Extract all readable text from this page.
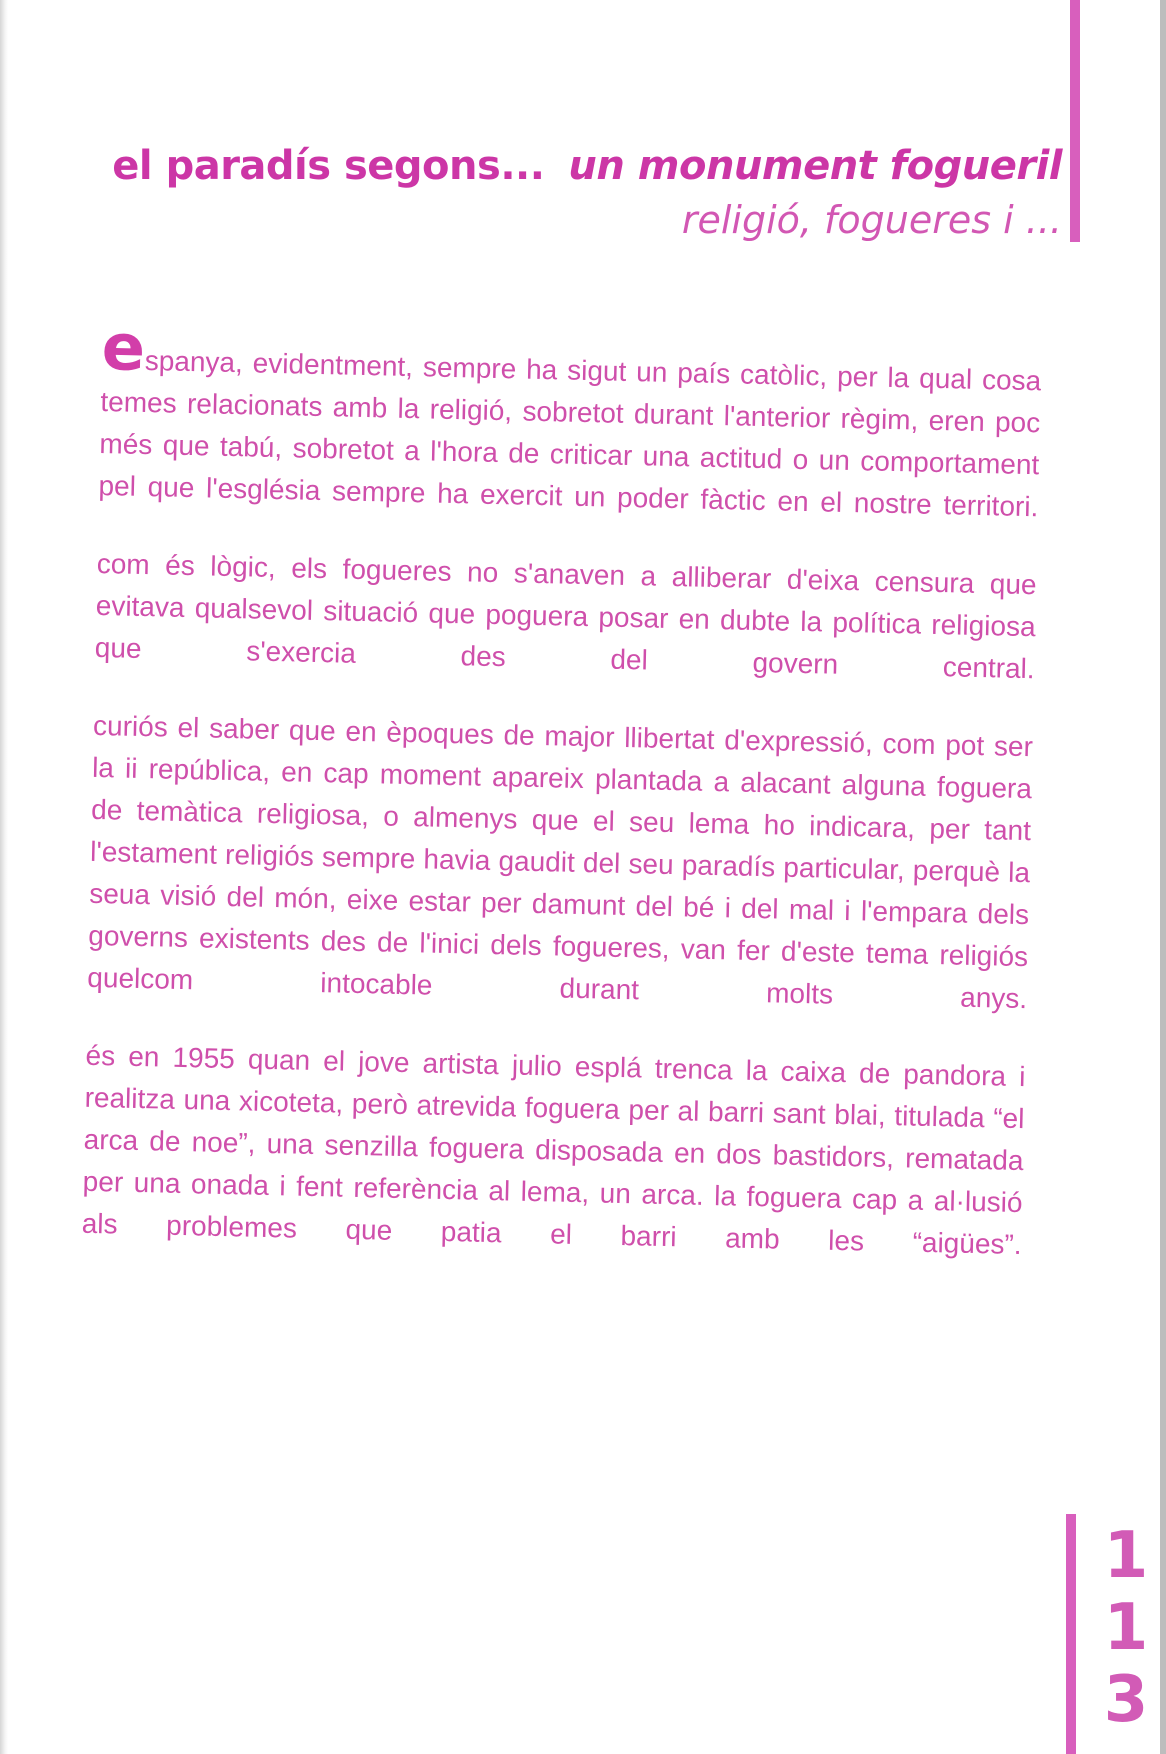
el paradís segons... un monument fogueril
religió, fogueres i ...

espanya, evidentment, sempre ha sigut un país catòlic, per la qual cosa temes relacionats amb la religió, sobretot durant l'anterior règim, eren poc més que tabú, sobretot a l'hora de criticar una actitud o un comportament pel que l'església sempre ha exercit un poder fàctic en el nostre territori.

com és lògic, els fogueres no s'anaven a alliberar d'eixa censura que evitava qualsevol situació que poguera posar en dubte la política religiosa que s'exercia des del govern central.

curiós el saber que en èpoques de major llibertat d'expressió, com pot ser la ii república, en cap moment apareix plantada a alacant alguna foguera de temàtica religiosa, o almenys que el seu lema ho indicara, per tant l'estament religiós sempre havia gaudit del seu paradís particular, perquè la seua visió del món, eixe estar per damunt del bé i del mal i l'empara dels governs existents des de l'inici dels fogueres, van fer d'este tema religiós quelcom intocable durant molts anys.

és en 1955 quan el jove artista julio esplá trenca la caixa de pandora i realitza una xicoteta, però atrevida foguera per al barri sant blai, titulada “el arca de noe”, una senzilla foguera disposada en dos bastidors, rematada per una onada i fent referència al lema, un arca. la foguera cap a al·lusió als problemes que patia el barri amb les “aigües”.

1
1
3
